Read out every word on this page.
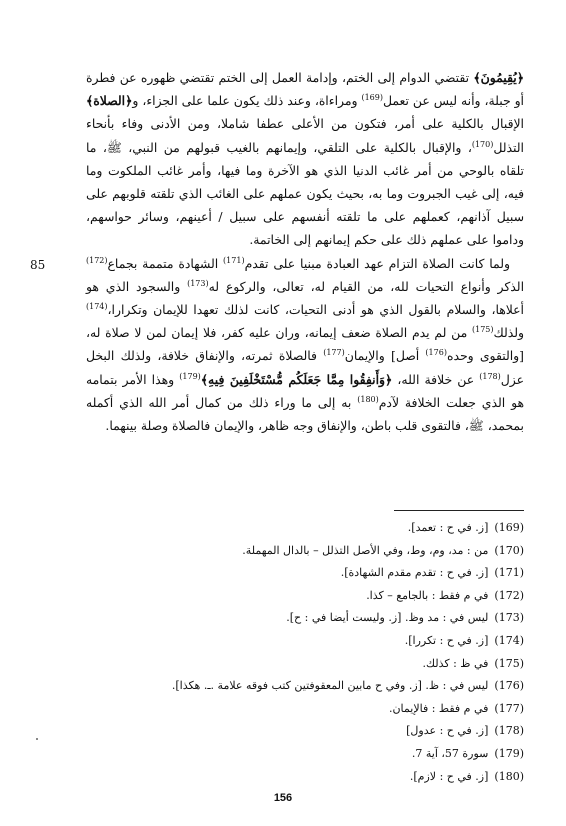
﴿يُقِيمُونَ﴾ تقتضي الدوام إلى الختم، وإدامة العمل إلى الختم تقتضي ظهوره عن فطرة أو جبلة، وأنه ليس عن تعمل$^{(169)}$ ومراءاة، وعند ذلك يكون علما على الجزاء، و﴿الصلاة﴾ الإقبال بالكلية على أمر، فتكون من الأعلى عطفا شاملا، ومن الأدنى وفاء بأنحاء التذلل$^{(170)}$، والإقبال بالكلية على التلقي، وإيمانهم بالغيب قبولهم من النبي، ﷺ، ما تلقاه بالوحي من أمر غائب الدنيا الذي هو الآخرة وما فيها، وأمر غائب الملكوت وما فيه، إلى غيب الجبروت وما به، بحيث يكون عملهم على الغائب الذي تلقته قلوبهم على سبيل آذانهم، كعملهم على ما تلقته أنفسهم على سبيل / أعينهم، وسائر حواسهم، وداموا على عملهم ذلك على حكم إيمانهم إلى الخاتمة.

ولما كانت الصلاة التزام عهد العبادة مبنيا على تقدم$^{(171)}$ الشهادة متممة بجماع$^{(172)}$ الذكر وأنواع التحيات لله، من القيام له، تعالى، والركوع له$^{(173)}$ والسجود الذي هو أعلاها، والسلام بالقول الذي هو أدنى التحيات، كانت لذلك تعهدا للإيمان وتكرارا،$^{(174)}$ ولذلك$^{(175)}$ من لم يدم الصلاة ضعف إيمانه، وران عليه كفر، فلا إيمان لمن لا صلاة له، [والتقوى وحده$^{(176)}$ أصل] والإيمان$^{(177)}$ فالصلاة ثمرته، والإنفاق خلافة، ولذلك البخل عزل$^{(178)}$ عن خلافة الله، ﴿وَأَنفِقُوا مِمَّا جَعَلَكُم مُّسْتَخْلَفِينَ فِيهِ﴾$^{(179)}$ وهذا الأمر بتمامه هو الذي جعلت الخلافة لآدم$^{(180)}$ به إلى ما وراء ذلك من كمال أمر الله الذي أكمله بمحمد، ﷺ، فالتقوى قلب باطن، والإنفاق وجه ظاهر، والإيمان فالصلاة وصلة بينهما.

85
(169)[ز. في ح : تعمد].
(170)من : مد، وم، وط، وفي الأصل التذلل – بالدال المهملة.
(171)[ز. في ح : تقدم مقدم الشهادة].
(172)في م فقط : بالجامع – كذا.
(173)ليس في : مد وظ. [ز. وليست أيضا في : ح].
(174)[ز. في ح : تكررا].
(175)في ظ : كذلك.
(176)ليس في : ظ. [ز. وفي ح مابين المعقوفتين كتب فوقه علامة .ـ. هكذا].
(177)في م فقط : فالإيمان.
(178)[ز. في ح : عدول]
(179)سورة 57، آية 7.
(180)[ز. في ح : لازم].
156
